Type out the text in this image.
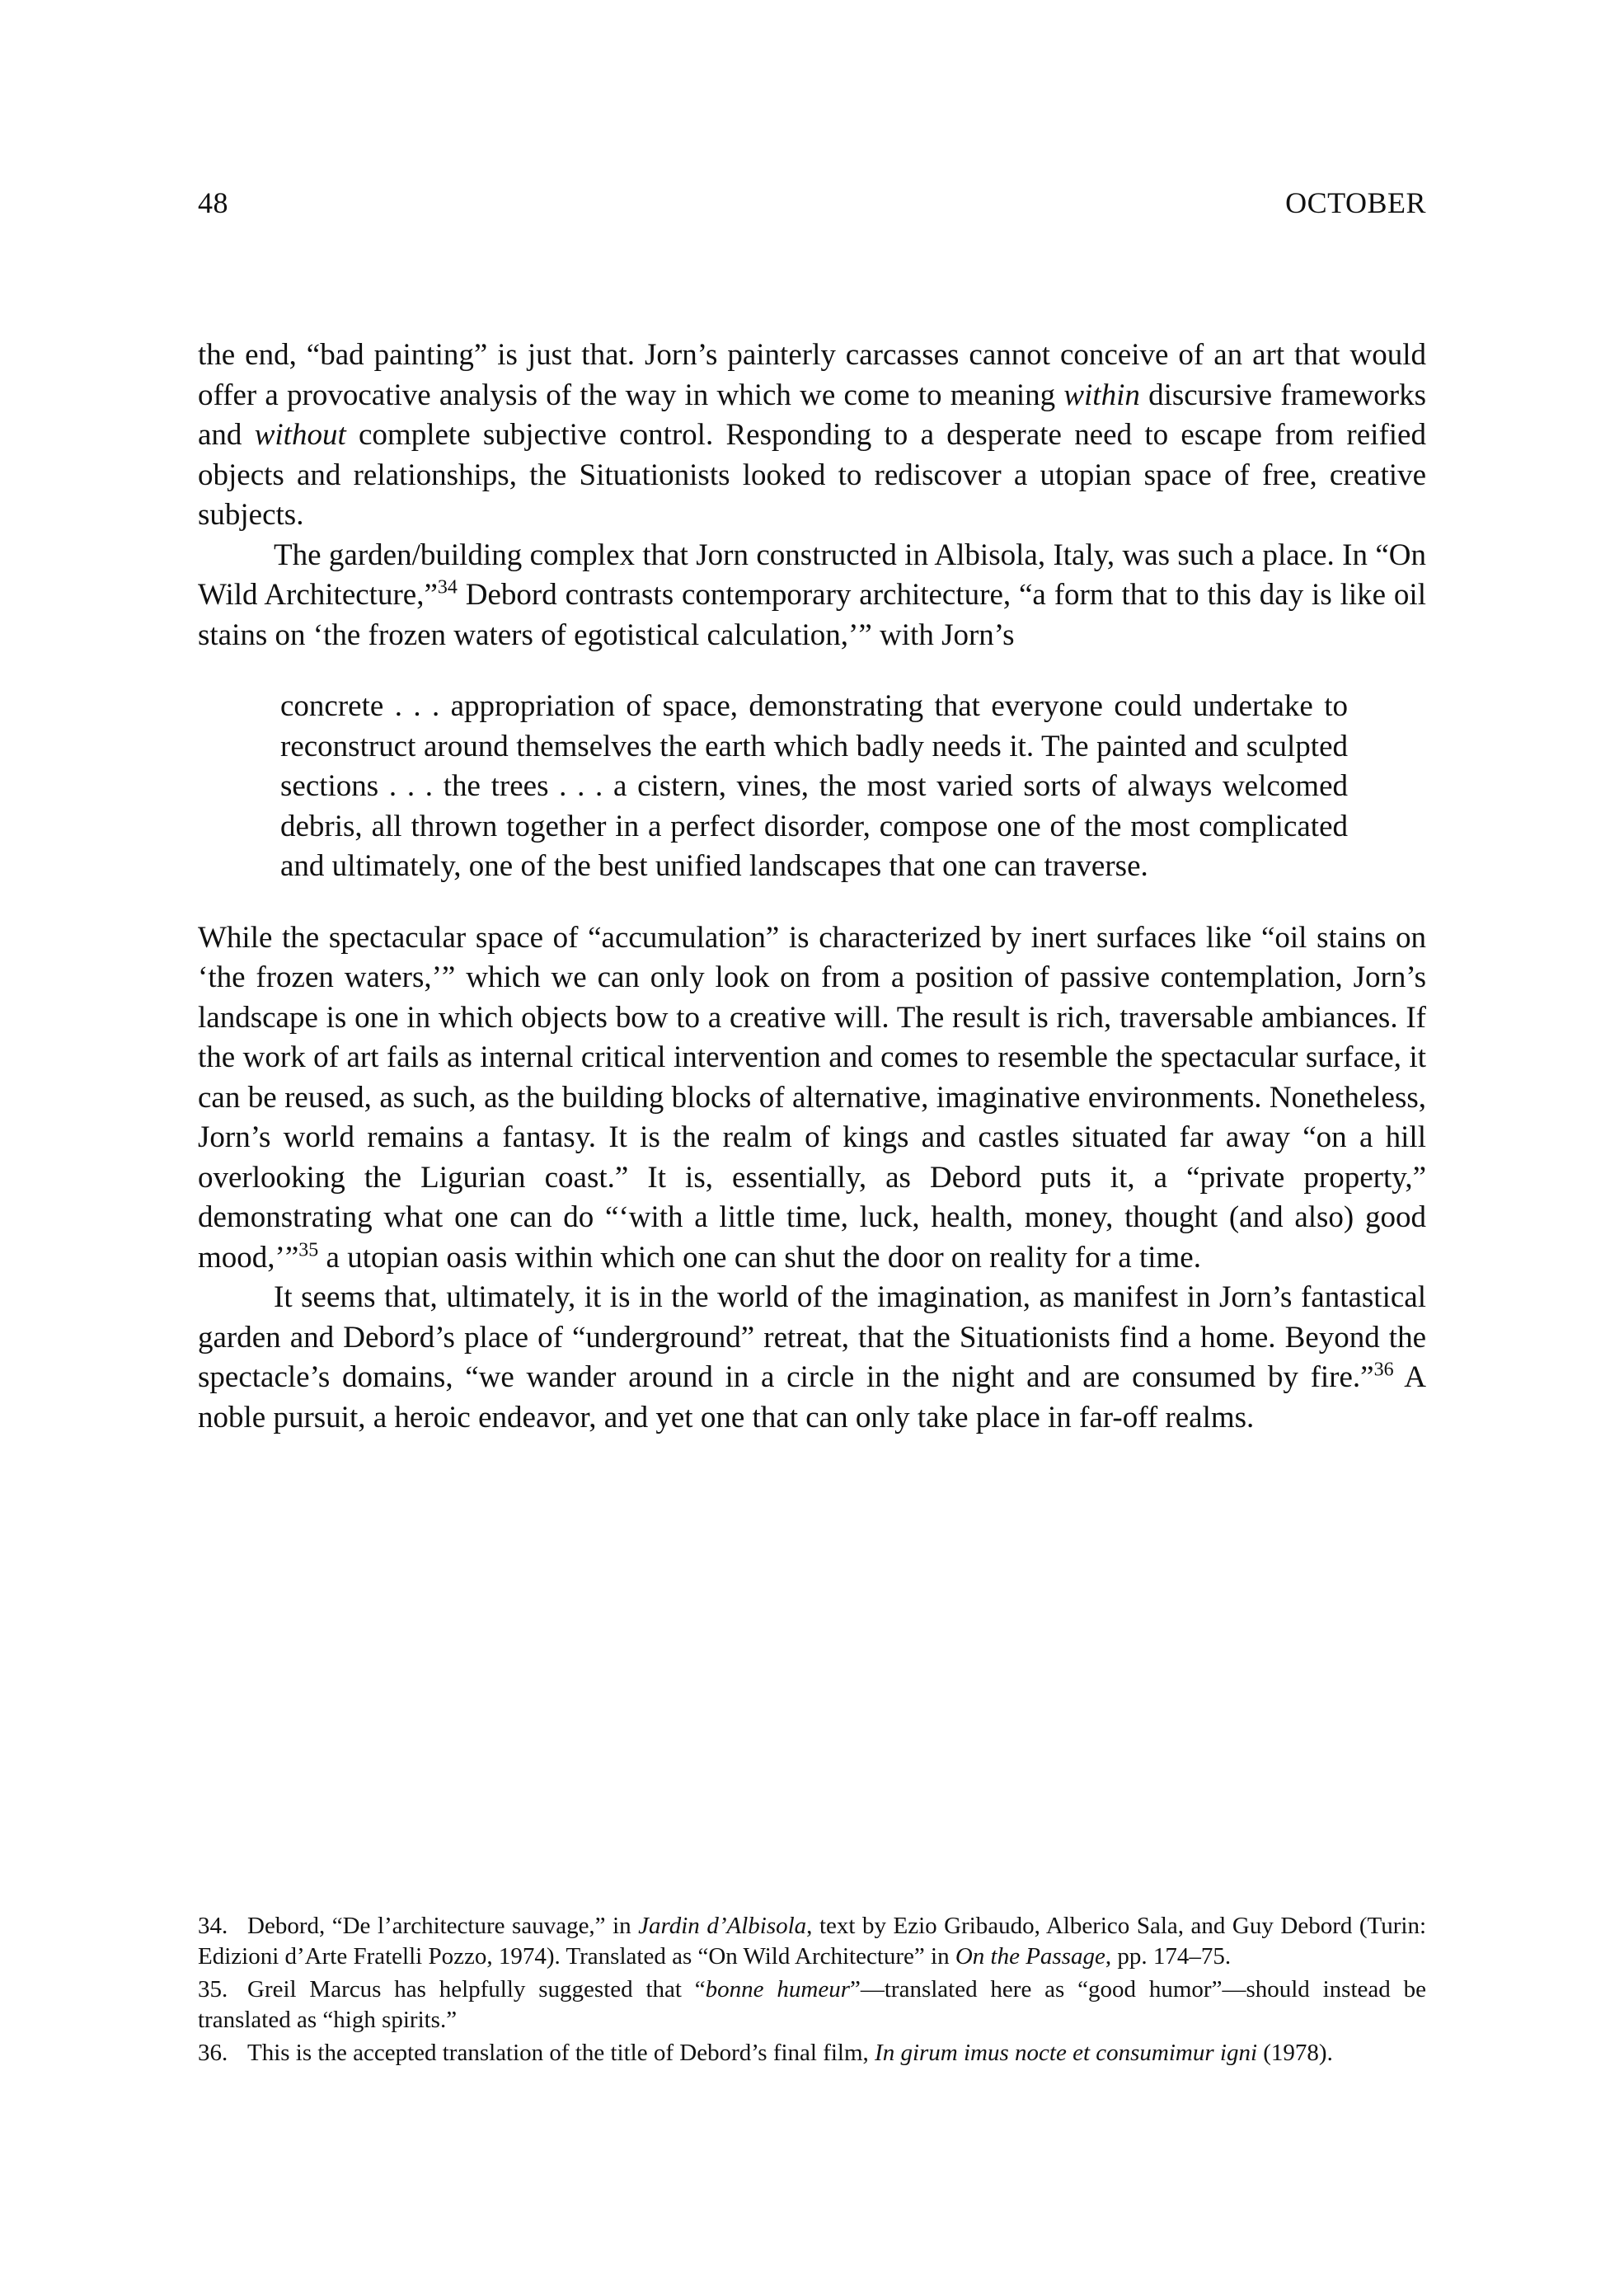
48	OCTOBER

the end, “bad painting” is just that. Jorn’s painterly carcasses cannot conceive of an art that would offer a provocative analysis of the way in which we come to meaning within discursive frameworks and without complete subjective control. Responding to a desperate need to escape from reified objects and relationships, the Situationists looked to rediscover a utopian space of free, creative subjects.

The garden/building complex that Jorn constructed in Albisola, Italy, was such a place. In “On Wild Architecture,”$^{34}$ Debord contrasts contemporary architecture, “a form that to this day is like oil stains on ‘the frozen waters of egotistical calculation,’” with Jorn’s

concrete . . . appropriation of space, demonstrating that everyone could undertake to reconstruct around themselves the earth which badly needs it. The painted and sculpted sections . . . the trees . . . a cistern, vines, the most varied sorts of always welcomed debris, all thrown together in a perfect disorder, compose one of the most complicated and ultimately, one of the best unified landscapes that one can traverse.

While the spectacular space of “accumulation” is characterized by inert surfaces like “oil stains on ‘the frozen waters,’” which we can only look on from a position of passive contemplation, Jorn’s landscape is one in which objects bow to a creative will. The result is rich, traversable ambiances. If the work of art fails as internal critical intervention and comes to resemble the spectacular surface, it can be reused, as such, as the building blocks of alternative, imaginative environments. Nonetheless, Jorn’s world remains a fantasy. It is the realm of kings and castles situated far away “on a hill overlooking the Ligurian coast.” It is, essentially, as Debord puts it, a “private property,” demonstrating what one can do “‘with a little time, luck, health, money, thought (and also) good mood,’”$^{35}$ a utopian oasis within which one can shut the door on reality for a time.

It seems that, ultimately, it is in the world of the imagination, as manifest in Jorn’s fantastical garden and Debord’s place of “underground” retreat, that the Situationists find a home. Beyond the spectacle’s domains, “we wander around in a circle in the night and are consumed by fire.”$^{36}$ A noble pursuit, a heroic endeavor, and yet one that can only take place in far-off realms.

34. Debord, “De l’architecture sauvage,” in Jardin d’Albisola, text by Ezio Gribaudo, Alberico Sala, and Guy Debord (Turin: Edizioni d’Arte Fratelli Pozzo, 1974). Translated as “On Wild Architecture” in On the Passage, pp. 174–75.

35. Greil Marcus has helpfully suggested that “bonne humeur”—translated here as “good humor”—should instead be translated as “high spirits.”

36. This is the accepted translation of the title of Debord’s final film, In girum imus nocte et consumimur igni (1978).
